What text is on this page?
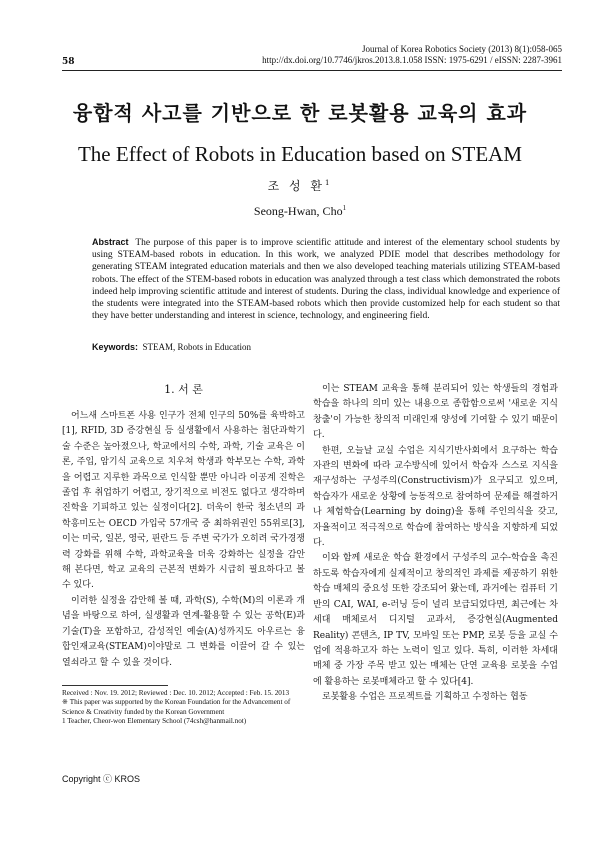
58
Journal of Korea Robotics Society (2013) 8(1):058-065
http://dx.doi.org/10.7746/jkros.2013.8.1.058 ISSN: 1975-6291 / eISSN: 2287-3961
융합적 사고를 기반으로 한 로봇활용 교육의 효과
The Effect of Robots in Education based on STEAM
조 성 환$^1$
Seong-Hwan, Cho$^1$
Abstract The purpose of this paper is to improve scientific attitude and interest of the elementary school students by using STEAM-based robots in education. In this work, we analyzed PDIE model that describes methodology for generating STEAM integrated education materials and then we also developed teaching materials utilizing STEAM-based robots. The effect of the STEM-based robots in education was analyzed through a test class which demonstrated the robots indeed help improving scientific attitude and interest of students. During the class, individual knowledge and experience of the students were integrated into the STEAM-based robots which then provide customized help for each student so that they have better understanding and interest in science, technology, and engineering field.
Keywords: STEAM, Robots in Education
1. 서 론

어느새 스마트폰 사용 인구가 전체 인구의 50%를 육박하고[1], RFID, 3D 증강현실 등 실생활에서 사용하는 첨단과학기술 수준은 높아졌으나, 학교에서의 수학, 과학, 기술 교육은 이론, 주입, 암기식 교육으로 치우쳐 학생과 학부모는 수학, 과학을 어렵고 지루한 과목으로 인식할 뿐만 아니라 이공계 진학은 졸업 후 취업하기 어렵고, 장기적으로 비전도 없다고 생각하며 진학을 기피하고 있는 실정이다[2]. 더욱이 한국 청소년의 과학흥미도는 OECD 가입국 57개국 중 최하위권인 55위로[3], 이는 미국, 일본, 영국, 핀란드 등 주변 국가가 오히려 국가경쟁력 강화를 위해 수학, 과학교육을 더욱 강화하는 실정을 감안해 본다면, 학교 교육의 근본적 변화가 시급히 필요하다고 볼 수 있다.

이러한 실정을 감안해 볼 때, 과학(S), 수학(M)의 이론과 개념을 바탕으로 하여, 실생활과 연계-활용할 수 있는 공학(E)과 기술(T)을 포함하고, 감성적인 예술(A)성까지도 아우르는 융합인재교육(STEAM)이야말로 그 변화를 이끌어 갈 수 있는 열쇠라고 할 수 있을 것이다.

이는 STEAM 교육을 통해 분리되어 있는 학생들의 경험과 학습을 하나의 의미 있는 내용으로 종합함으로써 '새로운 지식 창출'이 가능한 창의적 미래인재 양성에 기여할 수 있기 때문이다.

한편, 오늘날 교실 수업은 지식기반사회에서 요구하는 학습자관의 변화에 따라 교수방식에 있어서 학습자 스스로 지식을 재구성하는 구성주의(Constructivism)가 요구되고 있으며, 학습자가 새로운 상황에 능동적으로 참여하여 문제를 해결하거나 체험학습(Learning by doing)을 통해 주인의식을 갖고, 자율적이고 적극적으로 학습에 참여하는 방식을 지향하게 되었다.

이와 함께 새로운 학습 환경에서 구성주의 교수-학습을 촉진하도록 학습자에게 실제적이고 창의적인 과제를 제공하기 위한 학습 매체의 중요성 또한 강조되어 왔는데, 과거에는 컴퓨터 기반의 CAI, WAI, e-러닝 등이 널리 보급되었다면, 최근에는 차세대 매체로서 디지털 교과서, 증강현실(Augmented Reality) 콘텐츠, IP TV, 모바일 또는 PMP, 로봇 등을 교실 수업에 적용하고자 하는 노력이 일고 있다. 특히, 이러한 차세대 매체 중 가장 주목 받고 있는 매체는 단연 교육용 로봇을 수업에 활용하는 로봇매체라고 할 수 있다[4].

로봇활용 수업은 프로젝트를 기획하고 수정하는 협동

Received : Nov. 19. 2012; Reviewed : Dec. 10. 2012; Accepted : Feb. 15. 2013
※ This paper was supported by the Korean Foundation for the Advancement of Science & Creativity funded by the Korean Government
1 Teacher, Cheor-won Elementary School (74csh@hanmail.not)
Copyright ⓒ KROS
